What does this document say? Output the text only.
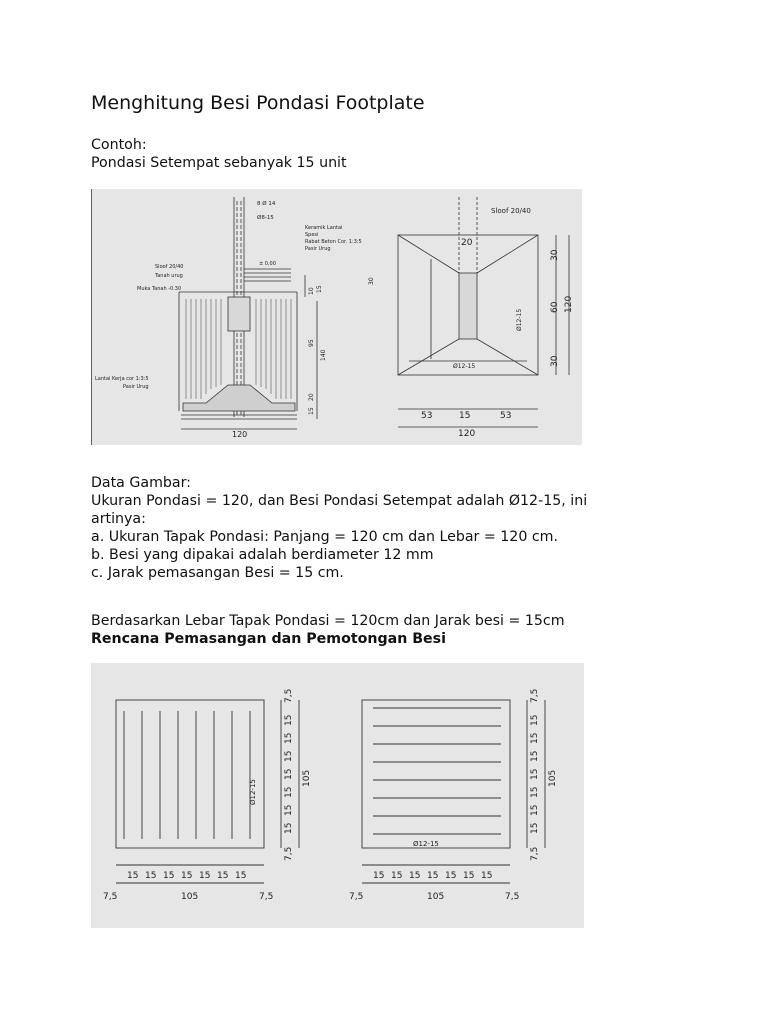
Menghitung Besi Pondasi Footplate

Contoh:

Pondasi Setempat sebanyak 15 unit

8 Ø 14
Ø8-15
Keramik Lantai
Spesi
Rabat Beton Cor. 1:3:5
Pasir Urug
± 0,00
Sloof 20/40
Tanah urug
Muka Tanah -0.30
Lantai Kerja cor 1:3:5
Pasir Urug
10 15
30
95
140
20
15
120
Sloof 20/40
20
Ø12-15
Ø12-15
30
60
30
120
53	15	53
120

Data Gambar:

Ukuran Pondasi = 120, dan Besi Pondasi Setempat adalah Ø12-15, ini

artinya:

a. Ukuran Tapak Pondasi: Panjang = 120 cm dan Lebar = 120 cm.

b. Besi yang dipakai adalah berdiameter 12 mm

c. Jarak pemasangan Besi = 15 cm.

Berdasarkan Lebar Tapak Pondasi = 120cm dan Jarak besi = 15cm

Rencana Pemasangan dan Pemotongan Besi

Ø12-15
7,5
15
15
15
15
15
15
15
7,5
105
15 15 15 15 15 15 15
7,5	105	7,5
Ø12-15
7,5
15
15
15
15
15
15
15
7,5
105
15 15 15 15 15 15 15
7,5	105	7,5
